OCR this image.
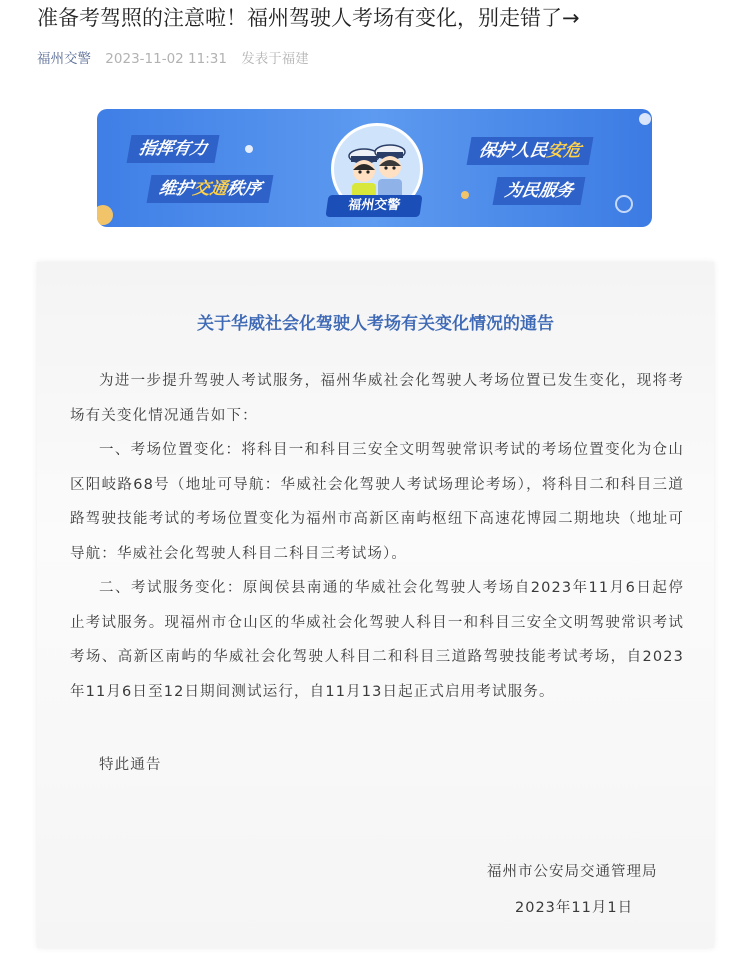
准备考驾照的注意啦！福州驾驶人考场有变化，别走错了→
福州交警 2023-11-02 11:31 发表于福建
指挥有力
维护交通秩序
福州交警
保护人民安危
为民服务
关于华威社会化驾驶人考场有关变化情况的通告

为进一步提升驾驶人考试服务，福州华威社会化驾驶人考场位置已发生变化，现将考场有关变化情况通告如下：

一、考场位置变化：将科目一和科目三安全文明驾驶常识考试的考场位置变化为仓山区阳岐路68号（地址可导航：华威社会化驾驶人考试场理论考场），将科目二和科目三道路驾驶技能考试的考场位置变化为福州市高新区南屿枢纽下高速花博园二期地块（地址可导航：华威社会化驾驶人科目二科目三考试场）。

二、考试服务变化：原闽侯县南通的华威社会化驾驶人考场自2023年11月6日起停止考试服务。现福州市仓山区的华威社会化驾驶人科目一和科目三安全文明驾驶常识考试考场、高新区南屿的华威社会化驾驶人科目二和科目三道路驾驶技能考试考场，自2023年11月6日至12日期间测试运行，自11月13日起正式启用考试服务。

特此通告

福州市公安局交通管理局
2023年11月1日
